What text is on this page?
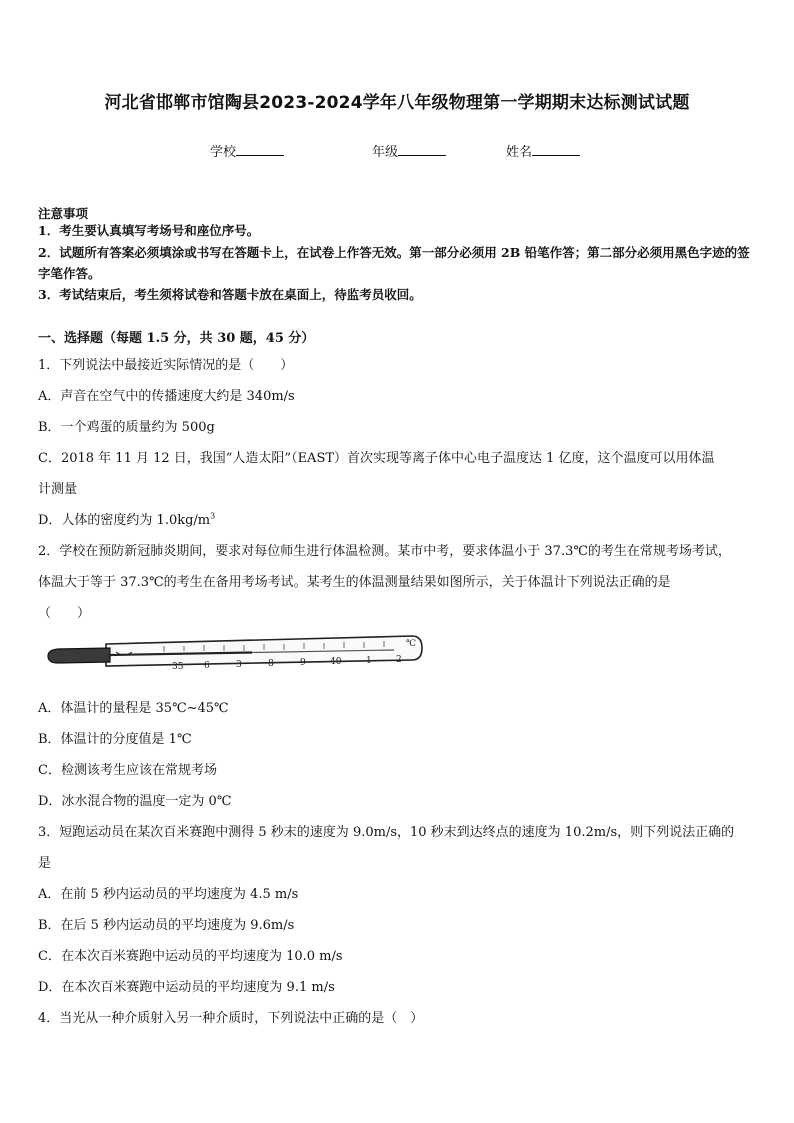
河北省邯郸市馆陶县2023-2024学年八年级物理第一学期期末达标测试试题
学校	年级	姓名
注意事项
1．考生要认真填写考场号和座位序号。
2．试题所有答案必须填涂或书写在答题卡上，在试卷上作答无效。第一部分必须用 2B 铅笔作答；第二部分必须用黑色字迹的签字笔作答。
3．考试结束后，考生须将试卷和答题卡放在桌面上，待监考员收回。
一、选择题（每题 1.5 分，共 30 题，45 分）
1．下列说法中最接近实际情况的是（　　）
A．声音在空气中的传播速度大约是 340m/s
B．一个鸡蛋的质量约为 500g
C．2018 年 11 月 12 日，我国“人造太阳”（EAST）首次实现等离子体中心电子温度达 1 亿度，这个温度可以用体温
计测量
D．人体的密度约为 $1.0kg/m^3$
2．学校在预防新冠肺炎期间，要求对每位师生进行体温检测。某市中考，要求体温小于 37.3℃的考生在常规考场考试，
体温大于等于 37.3℃的考生在备用考场考试。某考生的体温测量结果如图所示，关于体温计下列说法正确的是
（　　）
35 6	3	8	9	40	1	2
℃
A．体温计的量程是 35℃~45℃
B．体温计的分度值是 1℃
C．检测该考生应该在常规考场
D．冰水混合物的温度一定为 0℃
3．短跑运动员在某次百米赛跑中测得 5 秒末的速度为 9.0m/s，10 秒末到达终点的速度为 10.2m/s，则下列说法正确的
是
A．在前 5 秒内运动员的平均速度为 4.5 m/s
B．在后 5 秒内运动员的平均速度为 9.6m/s
C．在本次百米赛跑中运动员的平均速度为 10.0 m/s
D．在本次百米赛跑中运动员的平均速度为 9.1 m/s
4．当光从一种介质射入另一种介质时，下列说法中正确的是（　）
